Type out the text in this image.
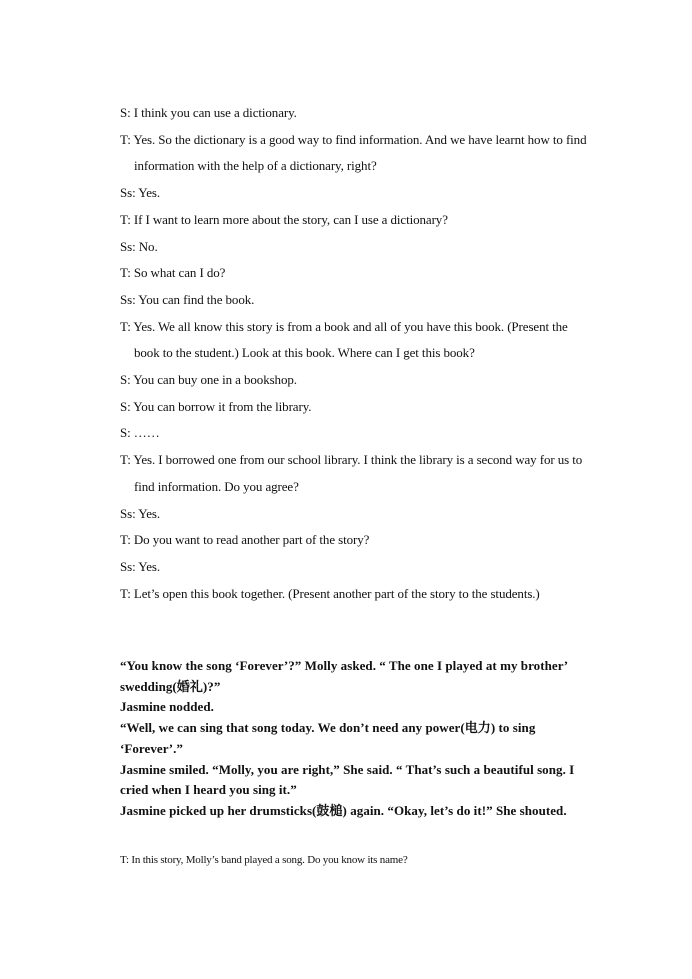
S: I think you can use a dictionary.

T: Yes. So the dictionary is a good way to find information. And we have learnt how to find information with the help of a dictionary, right?

Ss: Yes.

T: If I want to learn more about the story, can I use a dictionary?

Ss: No.

T: So what can I do?

Ss: You can find the book.

T: Yes. We all know this story is from a book and all of you have this book. (Present the book to the student.) Look at this book. Where can I get this book?

S: You can buy one in a bookshop.

S: You can borrow it from the library.

S: ……

T: Yes. I borrowed one from our school library. I think the library is a second way for us to find information. Do you agree?

Ss: Yes.

T: Do you want to read another part of the story?

Ss: Yes.

T: Let’s open this book together. (Present another part of the story to the students.)

“You know the song ‘Forever’?” Molly asked. “ The one I played at my brother’ swedding(婚礼)?”

Jasmine nodded.

“Well, we can sing that song today. We don’t need any power(电力) to sing ‘Forever’.”

Jasmine smiled. “Molly, you are right,” She said. “ That’s such a beautiful song. I cried when I heard you sing it.”

Jasmine picked up her drumsticks(鼓槌) again. “Okay, let’s do it!” She shouted.

T: In this story, Molly’s band played a song. Do you know its name?
